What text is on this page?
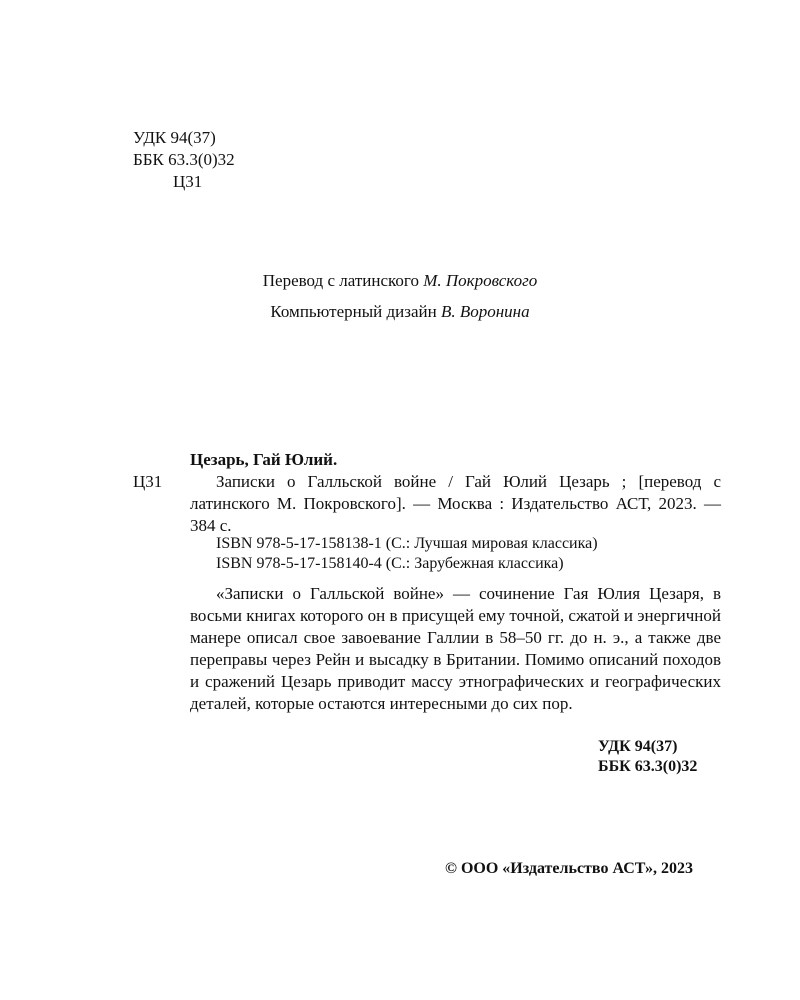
УДК 94(37)
ББК 63.3(0)32
Ц31
Перевод с латинского М. Покровского
Компьютерный дизайн В. Воронина
Цезарь, Гай Юлий.
Ц31	Записки о Галльской войне / Гай Юлий Цезарь ; [перевод с латинского М. Покровского]. — Москва : Издательство АСТ, 2023. — 384 с.

ISBN 978-5-17-158138-1 (С.: Лучшая мировая классика)
ISBN 978-5-17-158140-4 (С.: Зарубежная классика)

«Записки о Галльской войне» — сочинение Гая Юлия Цезаря, в восьми книгах которого он в присущей ему точной, сжатой и энергичной манере описал свое завоевание Галлии в 58–50 гг. до н. э., а также две переправы через Рейн и высадку в Британии. Помимо описаний походов и сражений Цезарь приводит массу этнографических и географических деталей, которые остаются интересными до сих пор.

УДК 94(37)
ББК 63.3(0)32
© ООО «Издательство АСТ», 2023
